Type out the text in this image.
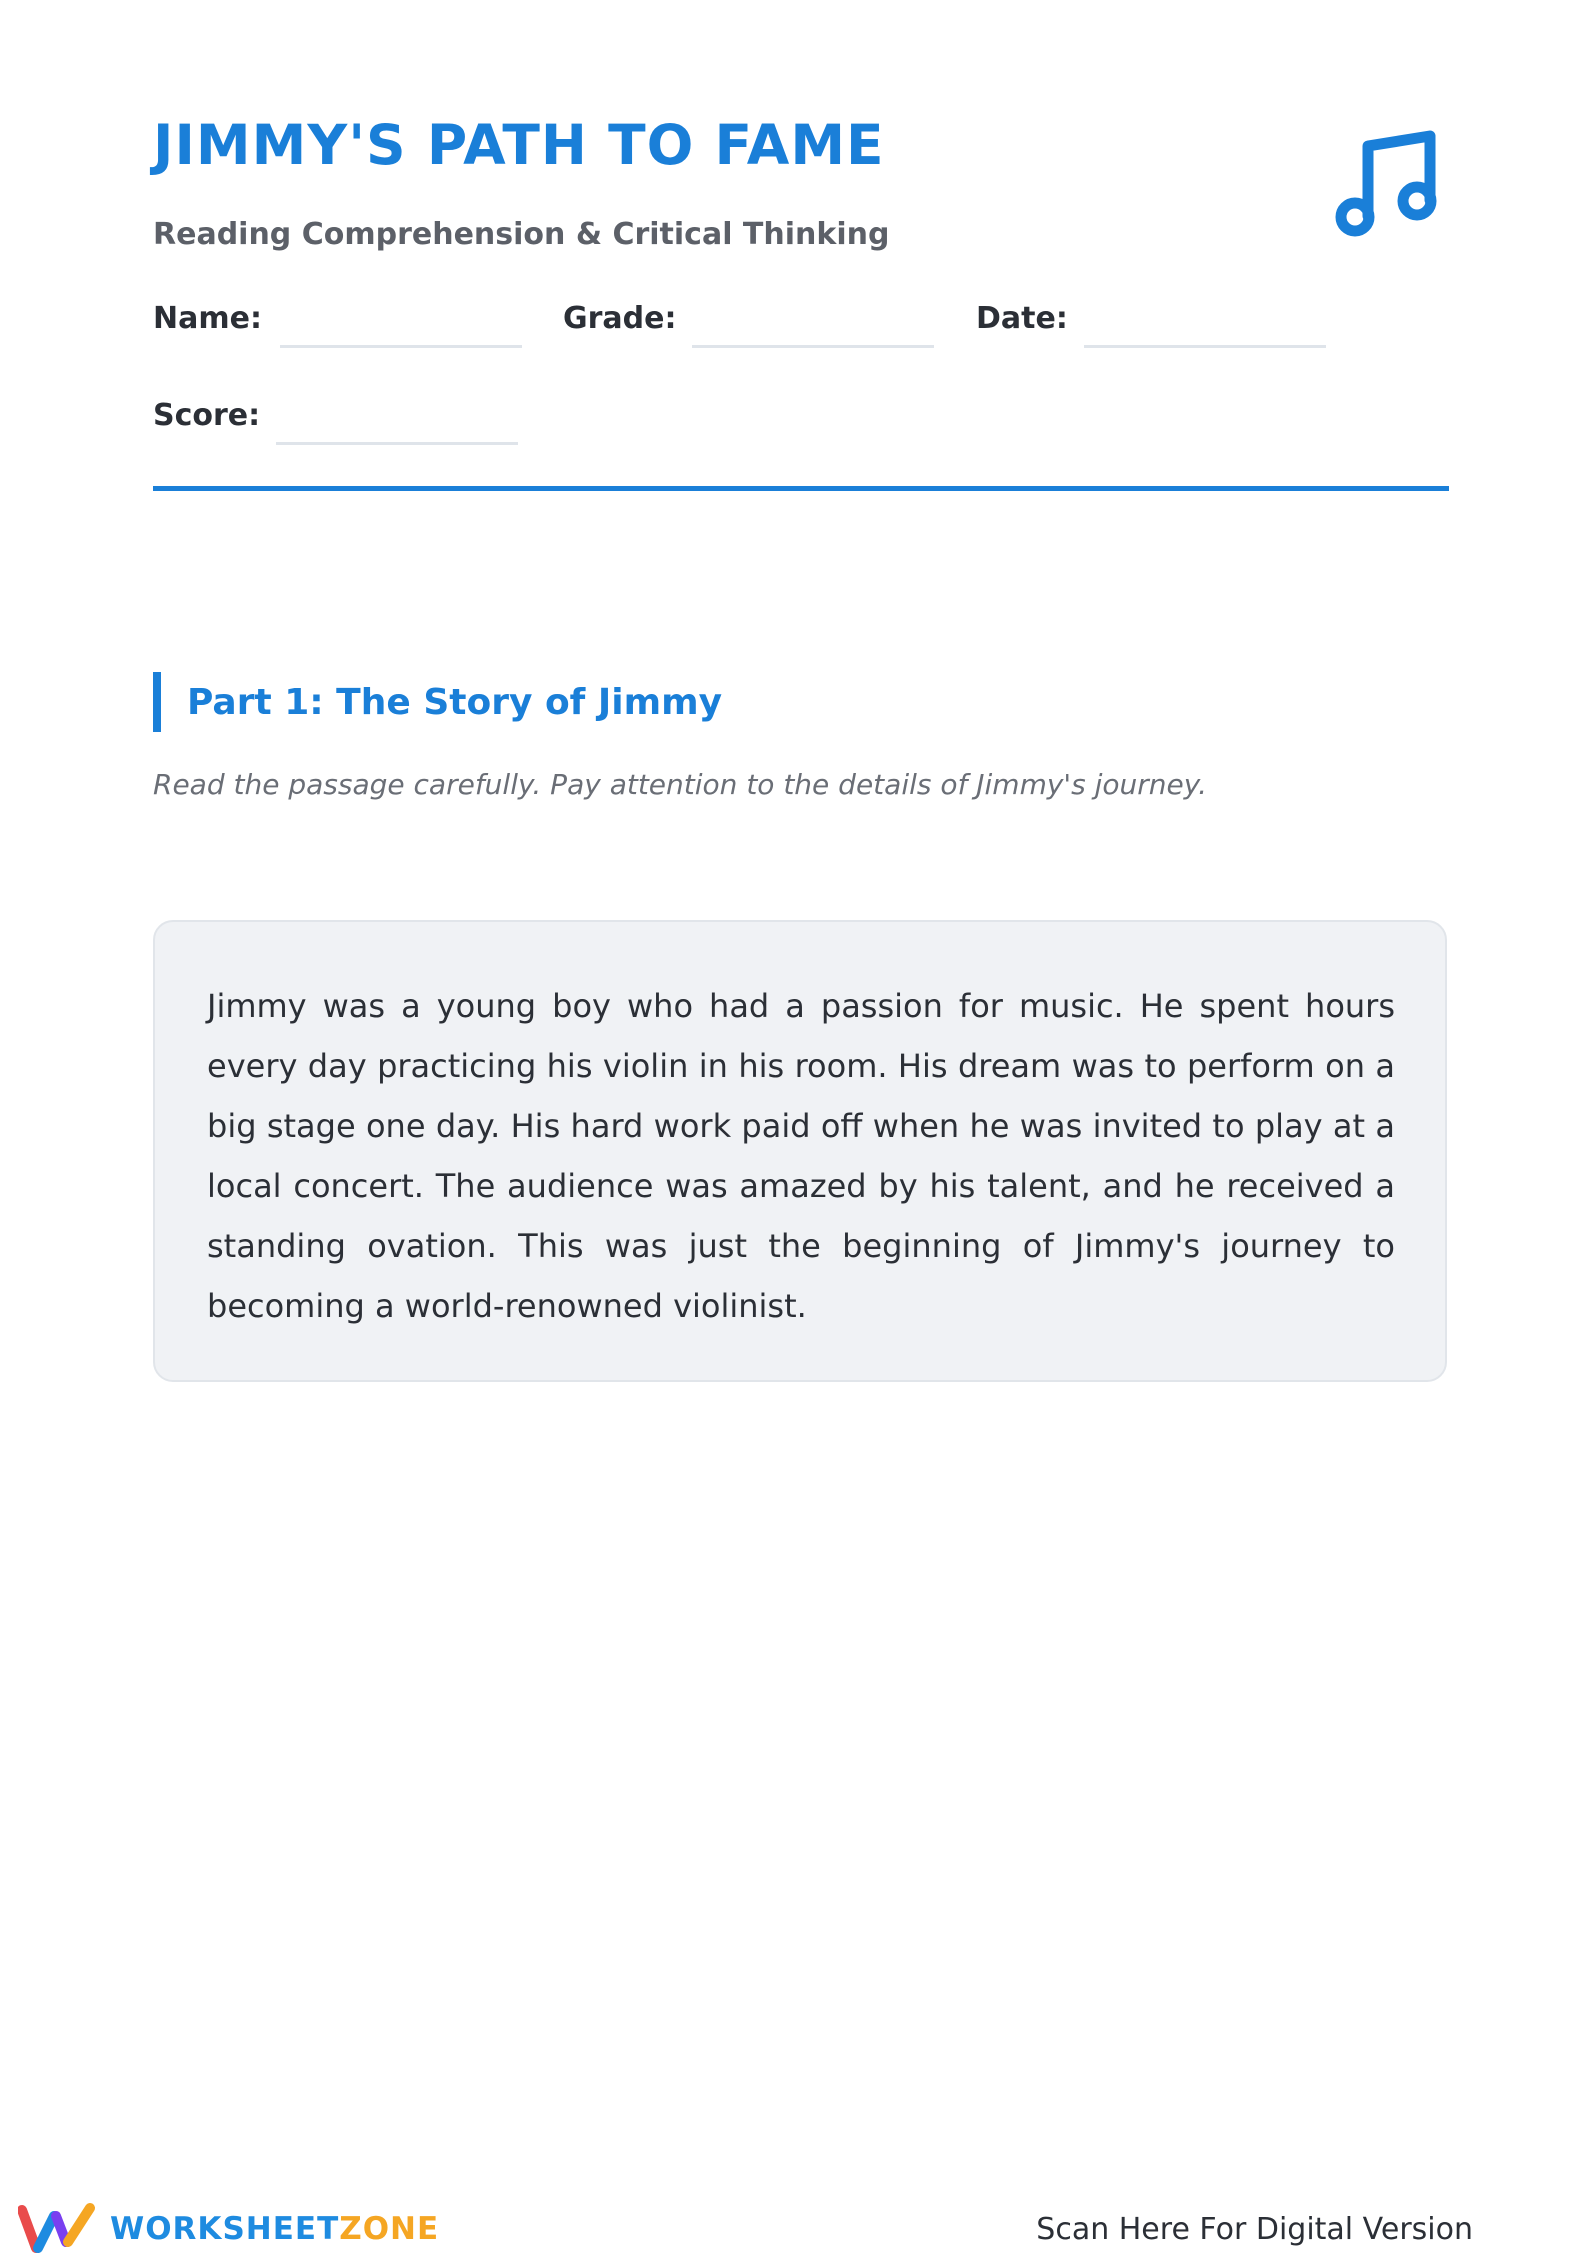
JIMMY'S PATH TO FAME
Reading Comprehension & Critical Thinking
Name:	Grade:	Date:
Score:
Part 1: The Story of Jimmy
Read the passage carefully. Pay attention to the details of Jimmy's journey.

Jimmy was a young boy who had a passion for music. He spent hours every day practicing his violin in his room. His dream was to perform on a big stage one day. His hard work paid off when he was invited to play at a local concert. The audience was amazed by his talent, and he received a standing ovation. This was just the beginning of Jimmy's journey to becoming a world-renowned violinist.

WORKSHEETZONE	Scan Here For Digital Version
